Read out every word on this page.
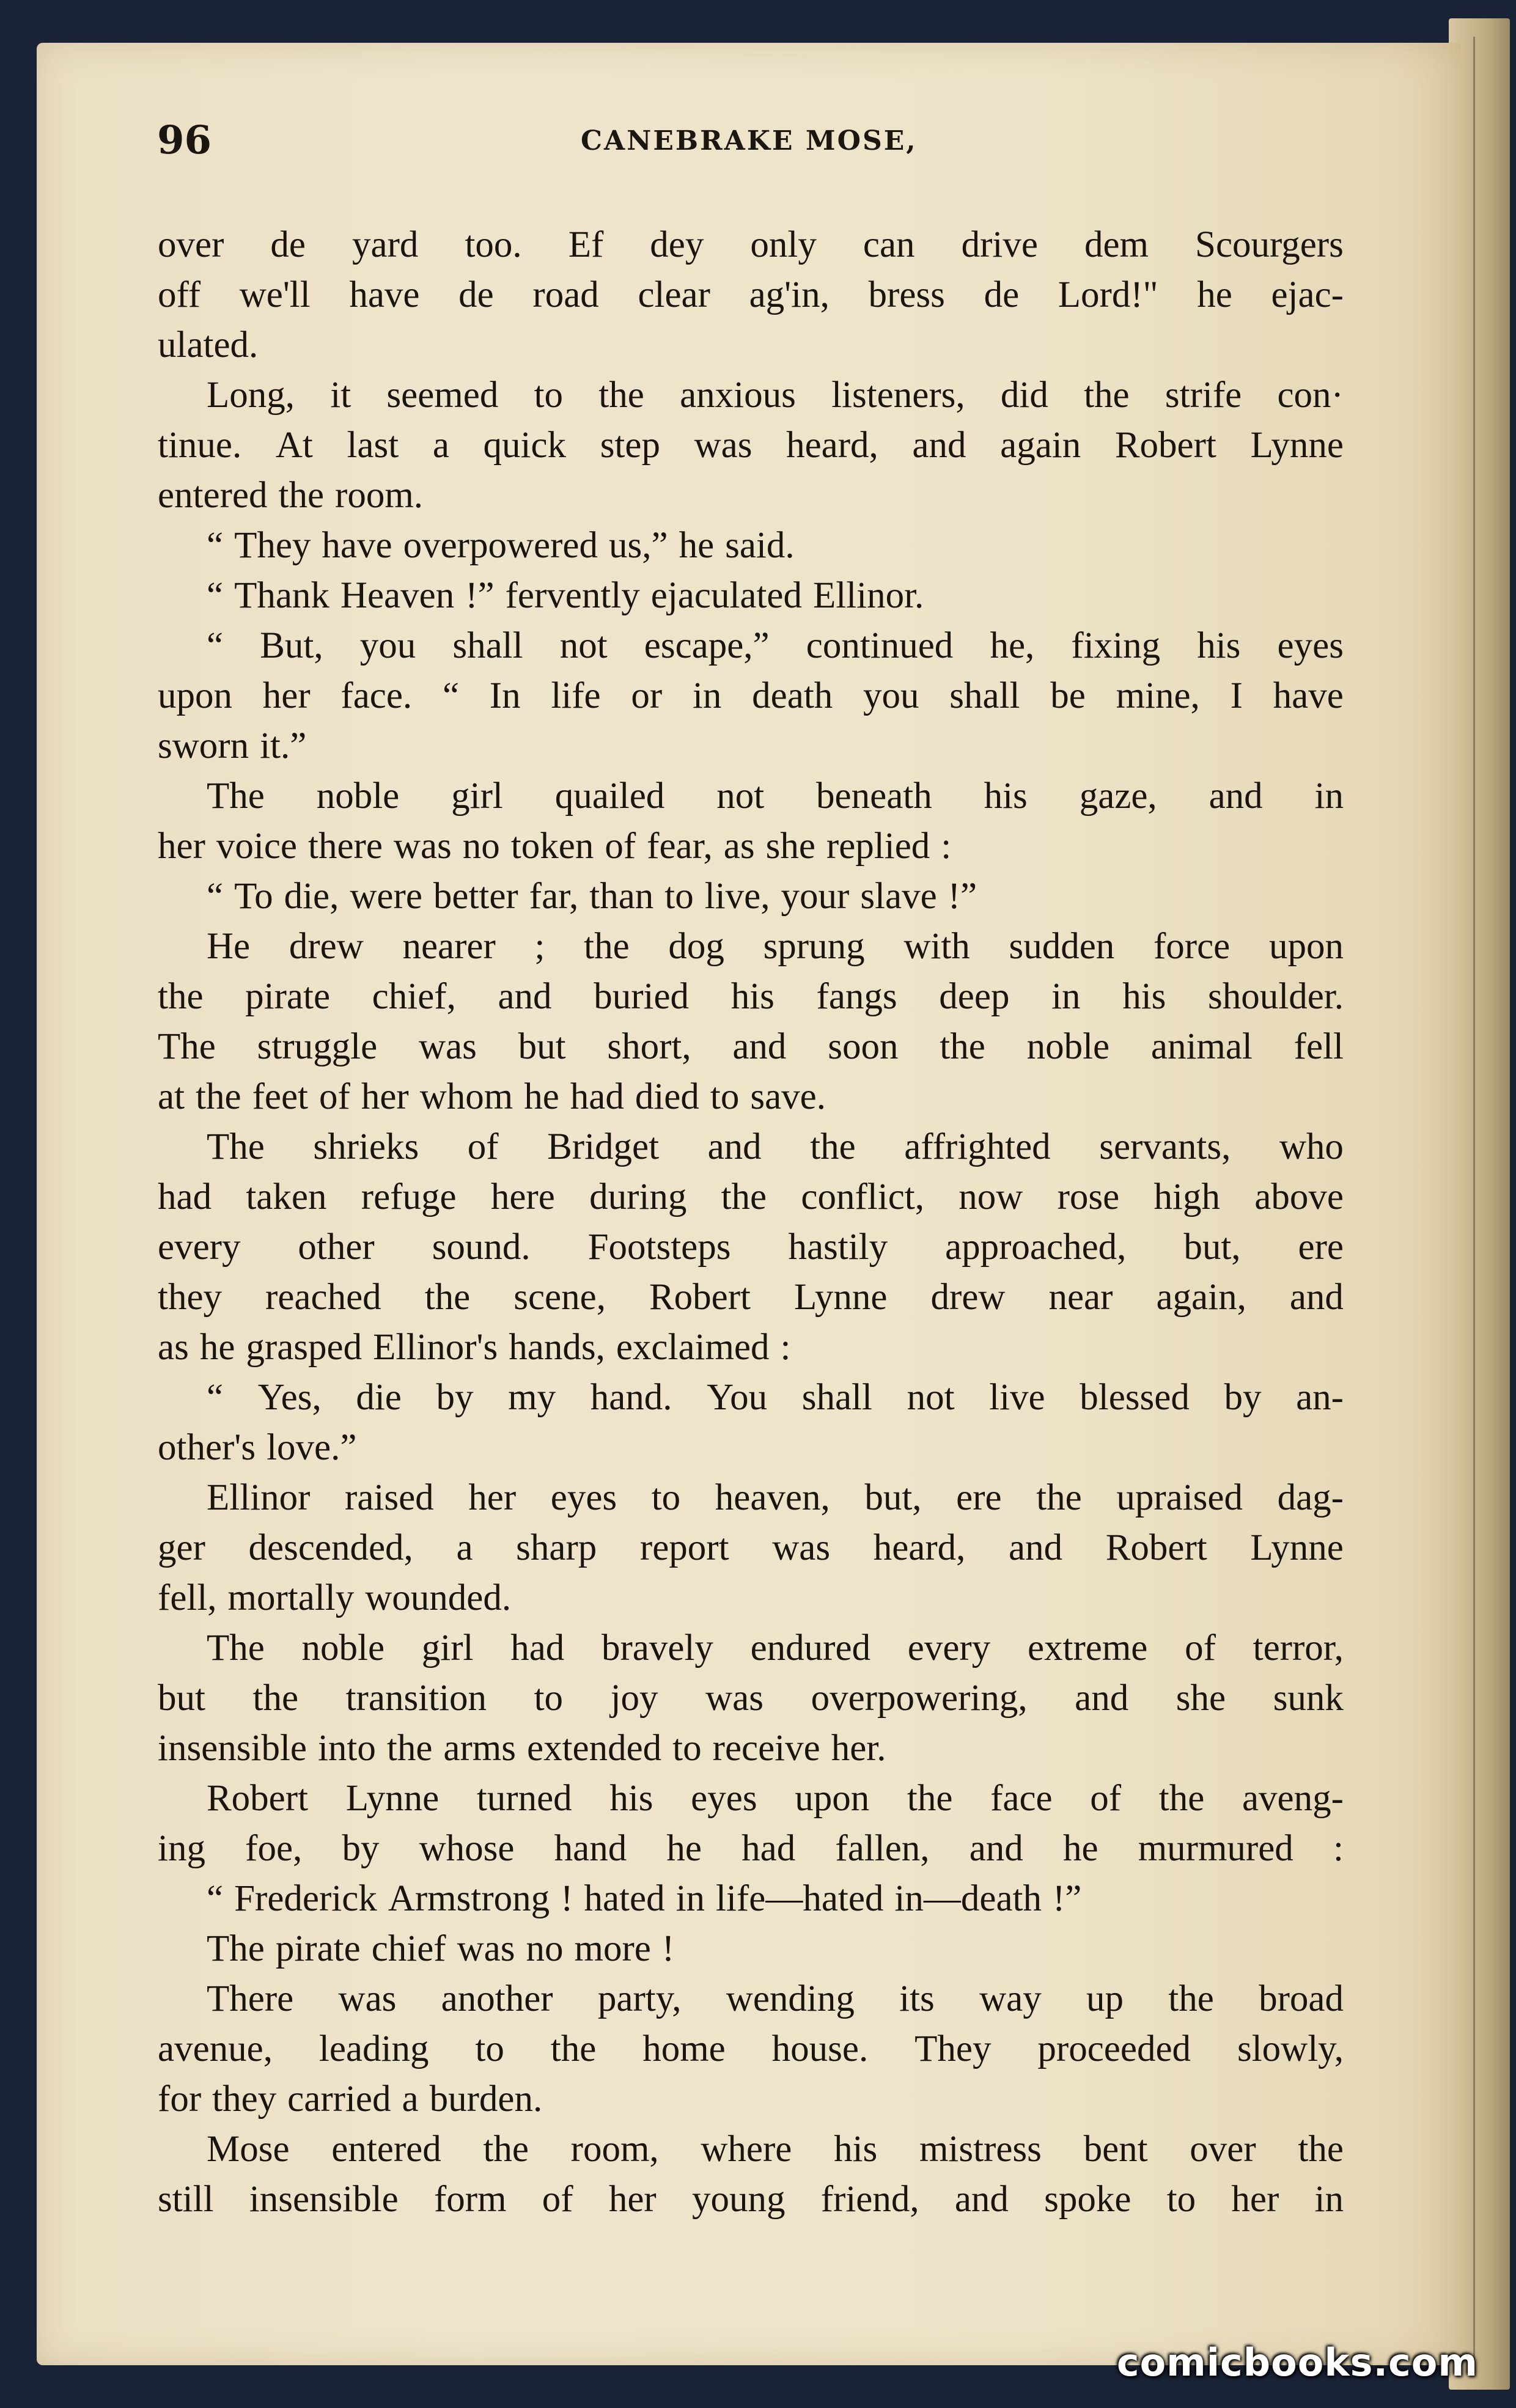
96	CANEBRAKE MOSE,
over de yard too. Ef dey only can drive dem Scourgers
off we'll have de road clear ag'in, bress de Lord!" he ejac-
ulated.
Long, it seemed to the anxious listeners, did the strife con·
tinue. At last a quick step was heard, and again Robert Lynne
entered the room.
“ They have overpowered us,” he said.
“ Thank Heaven !” fervently ejaculated Ellinor.
“ But, you shall not escape,” continued he, fixing his eyes
upon her face. “ In life or in death you shall be mine, I have
sworn it.”
The noble girl quailed not beneath his gaze, and in
her voice there was no token of fear, as she replied :
“ To die, were better far, than to live, your slave !”
He drew nearer ; the dog sprung with sudden force upon
the pirate chief, and buried his fangs deep in his shoulder.
The struggle was but short, and soon the noble animal fell
at the feet of her whom he had died to save.
The shrieks of Bridget and the affrighted servants, who
had taken refuge here during the conflict, now rose high above
every other sound. Footsteps hastily approached, but, ere
they reached the scene, Robert Lynne drew near again, and
as he grasped Ellinor's hands, exclaimed :
“ Yes, die by my hand. You shall not live blessed by an-
other's love.”
Ellinor raised her eyes to heaven, but, ere the upraised dag-
ger descended, a sharp report was heard, and Robert Lynne
fell, mortally wounded.
The noble girl had bravely endured every extreme of terror,
but the transition to joy was overpowering, and she sunk
insensible into the arms extended to receive her.
Robert Lynne turned his eyes upon the face of the aveng-
ing foe, by whose hand he had fallen, and he murmured :
“ Frederick Armstrong ! hated in life—hated in—death !”
The pirate chief was no more !
There was another party, wending its way up the broad
avenue, leading to the home house. They proceeded slowly,
for they carried a burden.
Mose entered the room, where his mistress bent over the
still insensible form of her young friend, and spoke to her in
comicbooks.com
